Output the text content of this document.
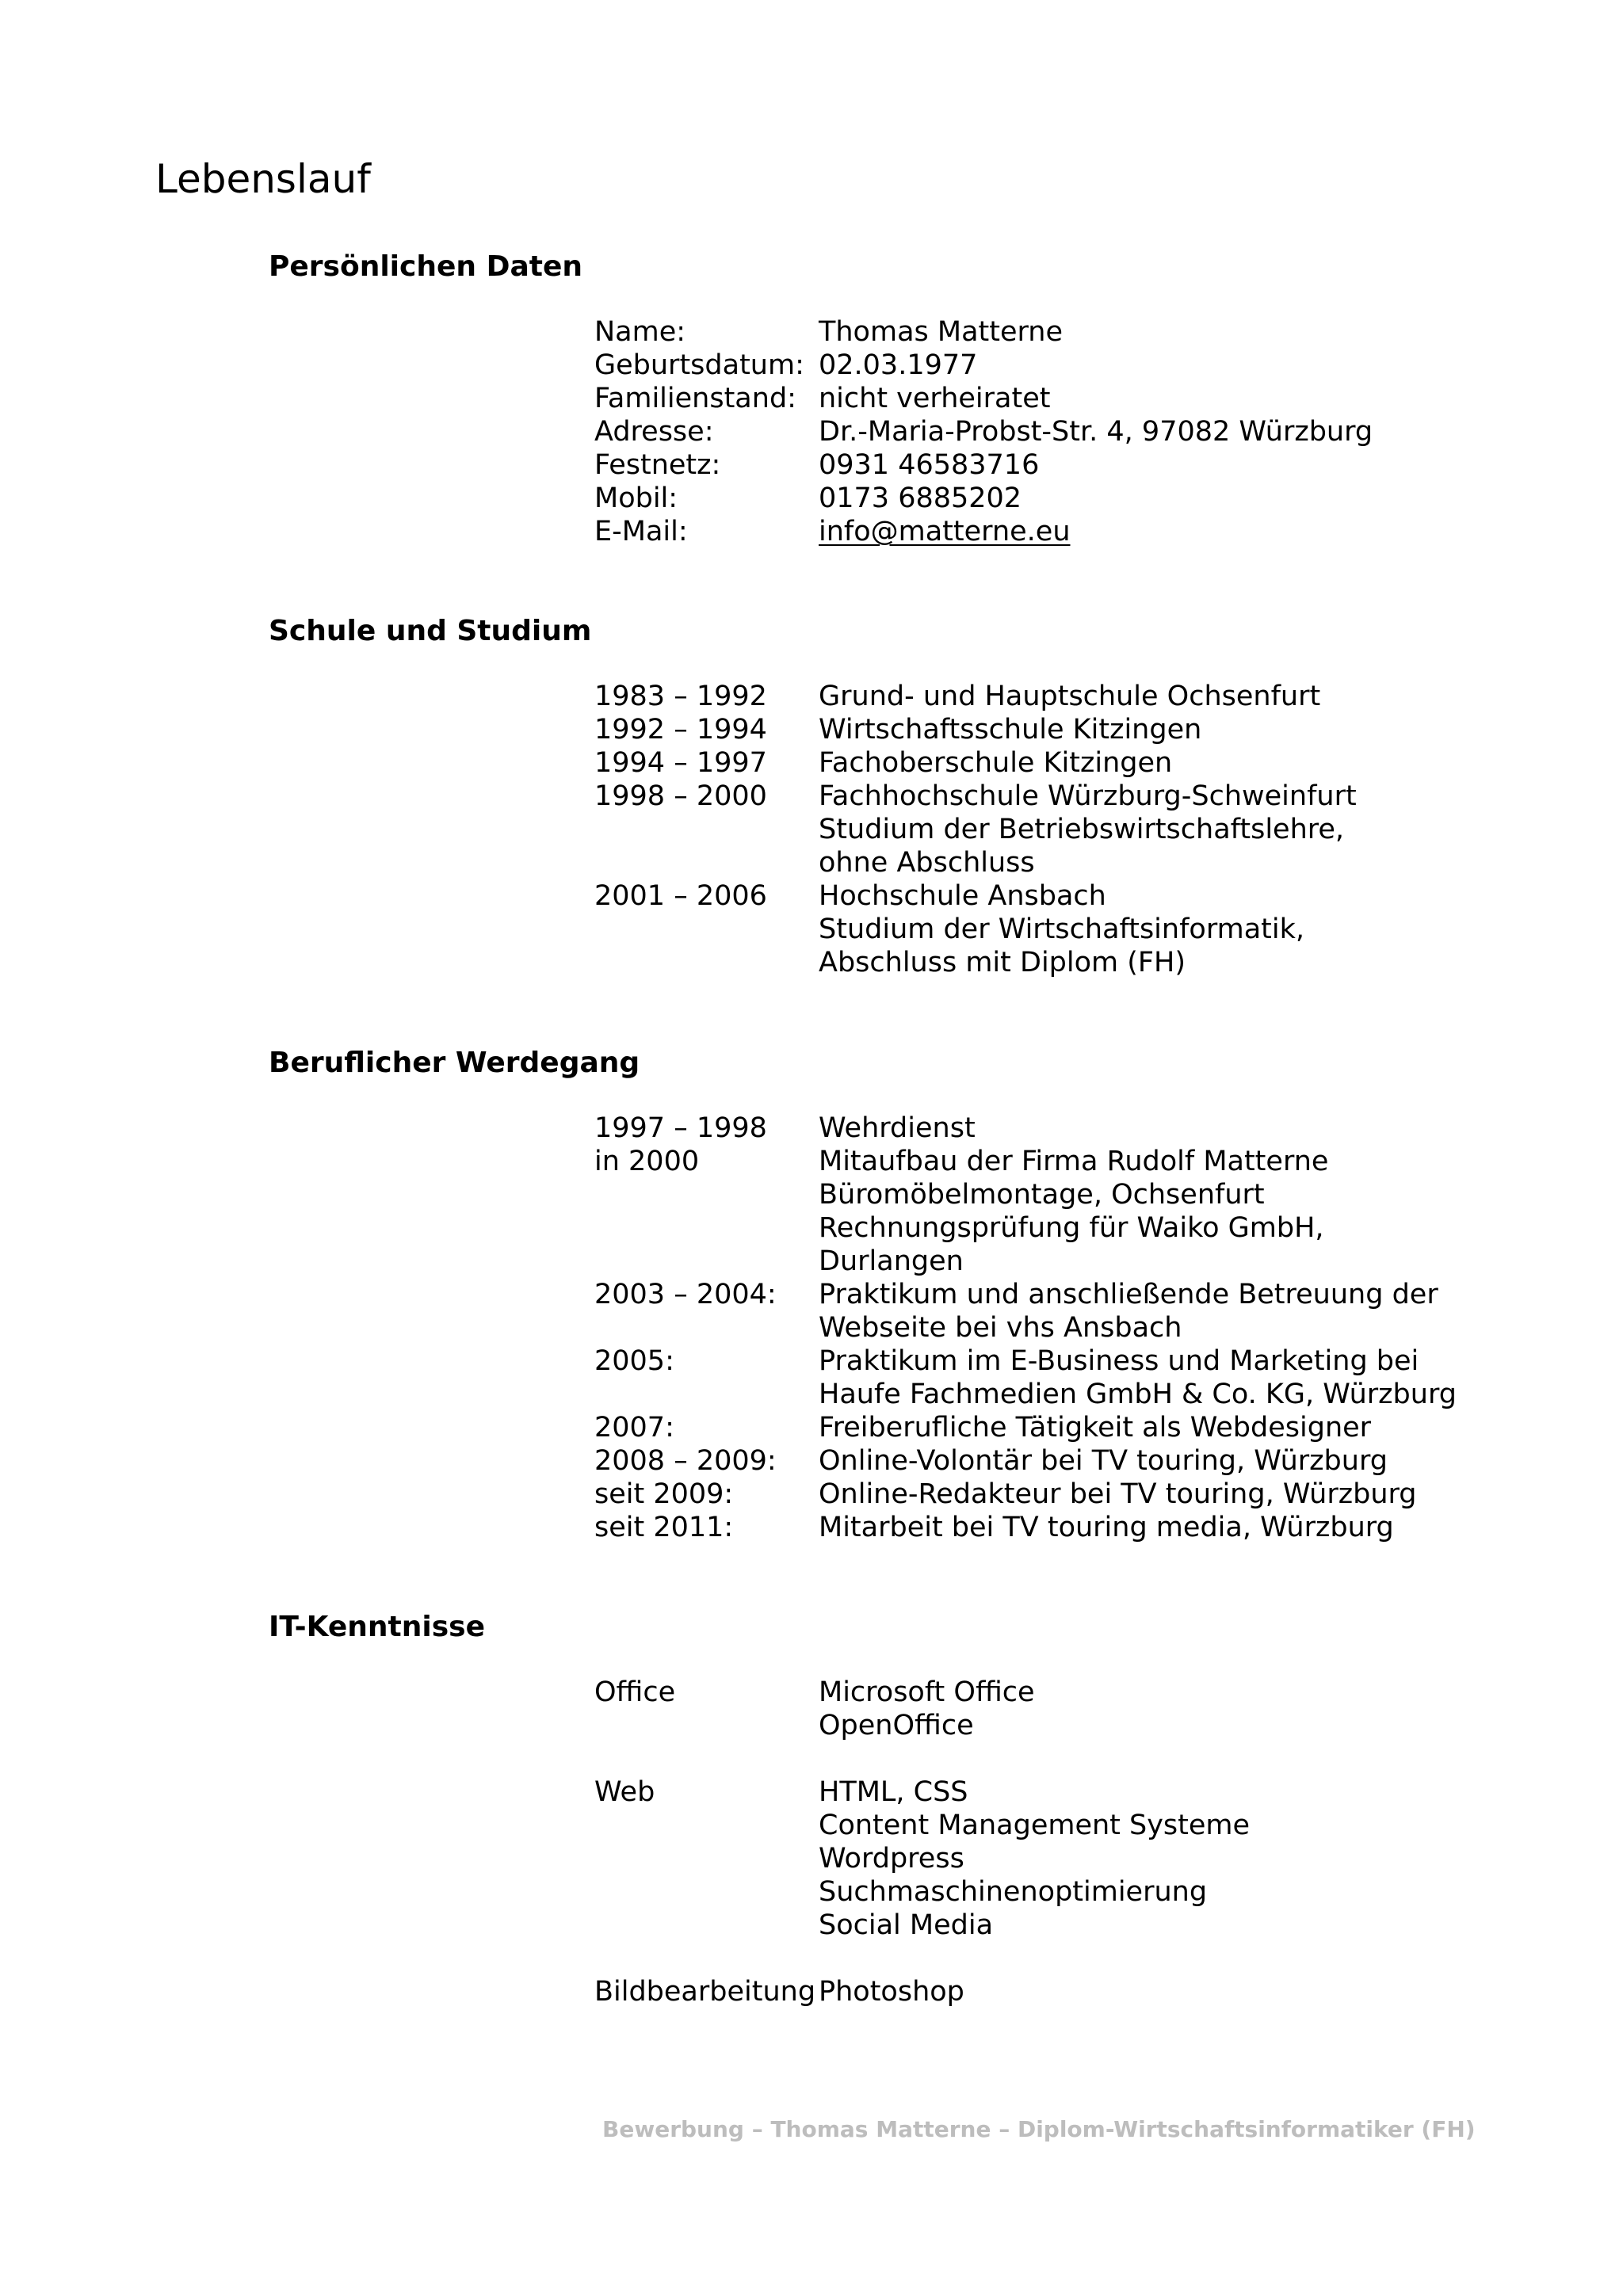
Lebenslauf
Persönlichen Daten
Name:	Thomas Matterne
Geburtsdatum: 02.03.1977
Familienstand: nicht verheiratet
Adresse:	Dr.-Maria-Probst-Str. 4, 97082 Würzburg
Festnetz:	0931 46583716
Mobil:	0173 6885202
E-Mail:	info@matterne.eu
Schule und Studium
1983 – 1992	Grund- und Hauptschule Ochsenfurt
1992 – 1994	Wirtschaftsschule Kitzingen
1994 – 1997	Fachoberschule Kitzingen
1998 – 2000	Fachhochschule Würzburg-Schweinfurt
Studium der Betriebswirtschaftslehre,
ohne Abschluss
2001 – 2006	Hochschule Ansbach
Studium der Wirtschaftsinformatik,
Abschluss mit Diplom (FH)
Beruflicher Werdegang
1997 – 1998	Wehrdienst
in 2000	Mitaufbau der Firma Rudolf Matterne
Büromöbelmontage, Ochsenfurt
Rechnungsprüfung für Waiko GmbH,
Durlangen
2003 – 2004:	Praktikum und anschließende Betreuung der
Webseite bei vhs Ansbach
2005:	Praktikum im E-Business und Marketing bei
Haufe Fachmedien GmbH & Co. KG, Würzburg
2007:	Freiberufliche Tätigkeit als Webdesigner
2008 – 2009:	Online-Volontär bei TV touring, Würzburg
seit 2009:	Online-Redakteur bei TV touring, Würzburg
seit 2011:	Mitarbeit bei TV touring media, Würzburg
IT-Kenntnisse
Office	Microsoft Office
OpenOffice
Web	HTML, CSS
Content Management Systeme
Wordpress
Suchmaschinenoptimierung
Social Media
Bildbearbeitung Photoshop
Bewerbung – Thomas Matterne – Diplom-Wirtschaftsinformatiker (FH)
